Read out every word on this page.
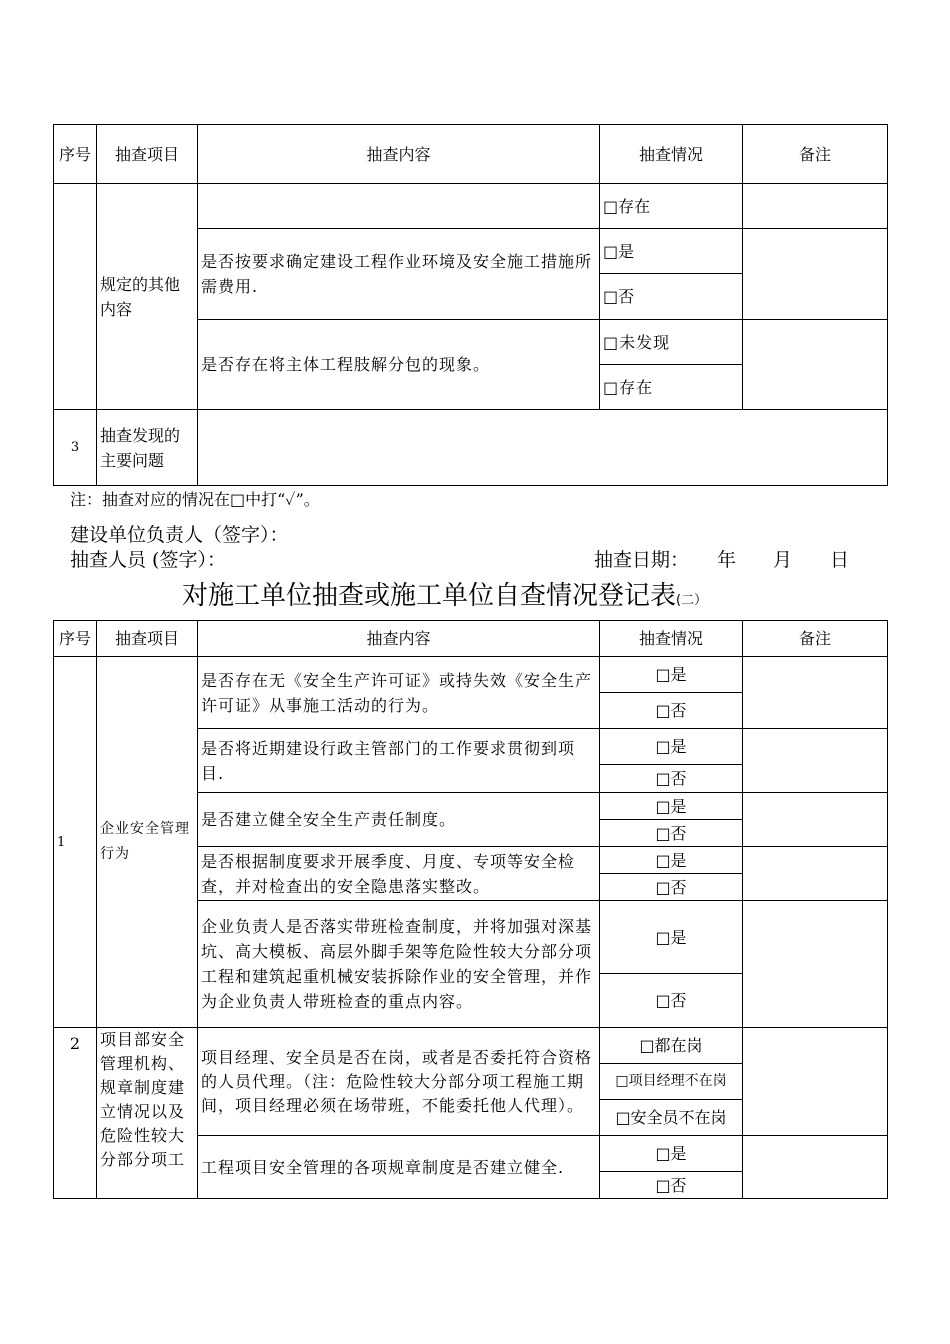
序号	抽查项目	抽查内容	抽查情况	备注
	规定的其他内容		□存在	
		是否按要求确定建设工程作业环境及安全施工措施所需费用.	□是	
			□否	
		是否存在将主体工程肢解分包的现象。	□未发现	
			□存在	
3	抽查发现的主要问题			
注：抽查对应的情况在□中打“✓”。
建设单位负责人（签字）：
抽查人员 (签字）：	抽查日期： 年 月 日
对施工单位抽查或施工单位自查情况登记表(二）
序号	抽查项目	抽查内容	抽查情况	备注
1	企业安全管理行为	是否存在无《安全生产许可证》或持失效《安全生产许可证》从事施工活动的行为。	□是	
			□否	
		是否将近期建设行政主管部门的工作要求贯彻到项目.	□是	
			□否	
		是否建立健全安全生产责任制度。	□是	
			□否	
		是否根据制度要求开展季度、月度、专项等安全检查，并对检查出的安全隐患落实整改。	□是	
			□否	
		企业负责人是否落实带班检查制度，并将加强对深基坑、高大模板、高层外脚手架等危险性较大分部分项工程和建筑起重机械安装拆除作业的安全管理，并作为企业负责人带班检查的重点内容。	□是	
			□否	
2	项目部安全管理机构、规章制度建立情况以及危险性较大分部分项工	项目经理、安全员是否在岗，或者是否委托符合资格的人员代理。（注：危险性较大分部分项工程施工期间，项目经理必须在场带班，不能委托他人代理）。	□都在岗	
			□项目经理不在岗	
			□安全员不在岗	
		工程项目安全管理的各项规章制度是否建立健全.	□是	
			□否	
